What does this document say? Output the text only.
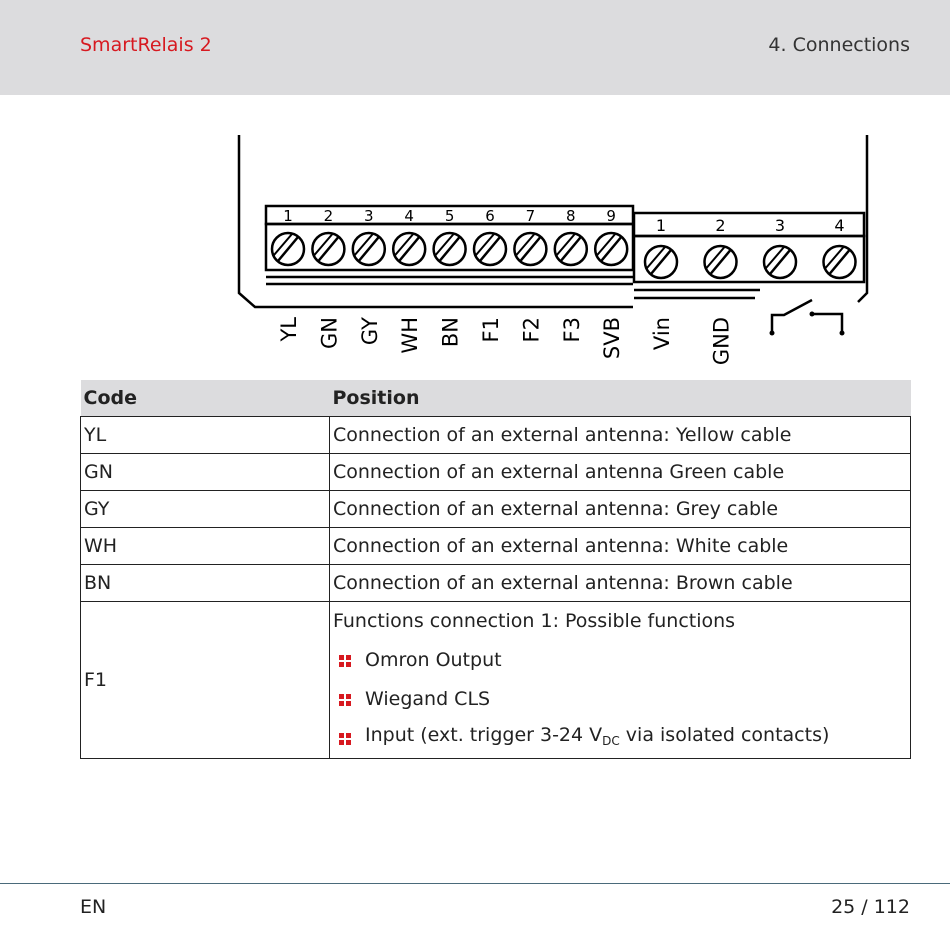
SmartRelais 2	4. Connections
1 2 3 4 5 6 7 8 9 1	2	3	4
YL GN GY WH BN F1 F2 F3 SVB Vin GND
Code	Position
YL	Connection of an external antenna: Yellow cable
GN	Connection of an external antenna Green cable
GY	Connection of an external antenna: Grey cable
WH	Connection of an external antenna: White cable
BN	Connection of an external antenna: Brown cable
F1	Functions connection 1: Possible functions
Omron Output
Wiegand CLS
Input (ext. trigger 3-24 $V_{DC}$ via isolated contacts)
EN	25 / 112
